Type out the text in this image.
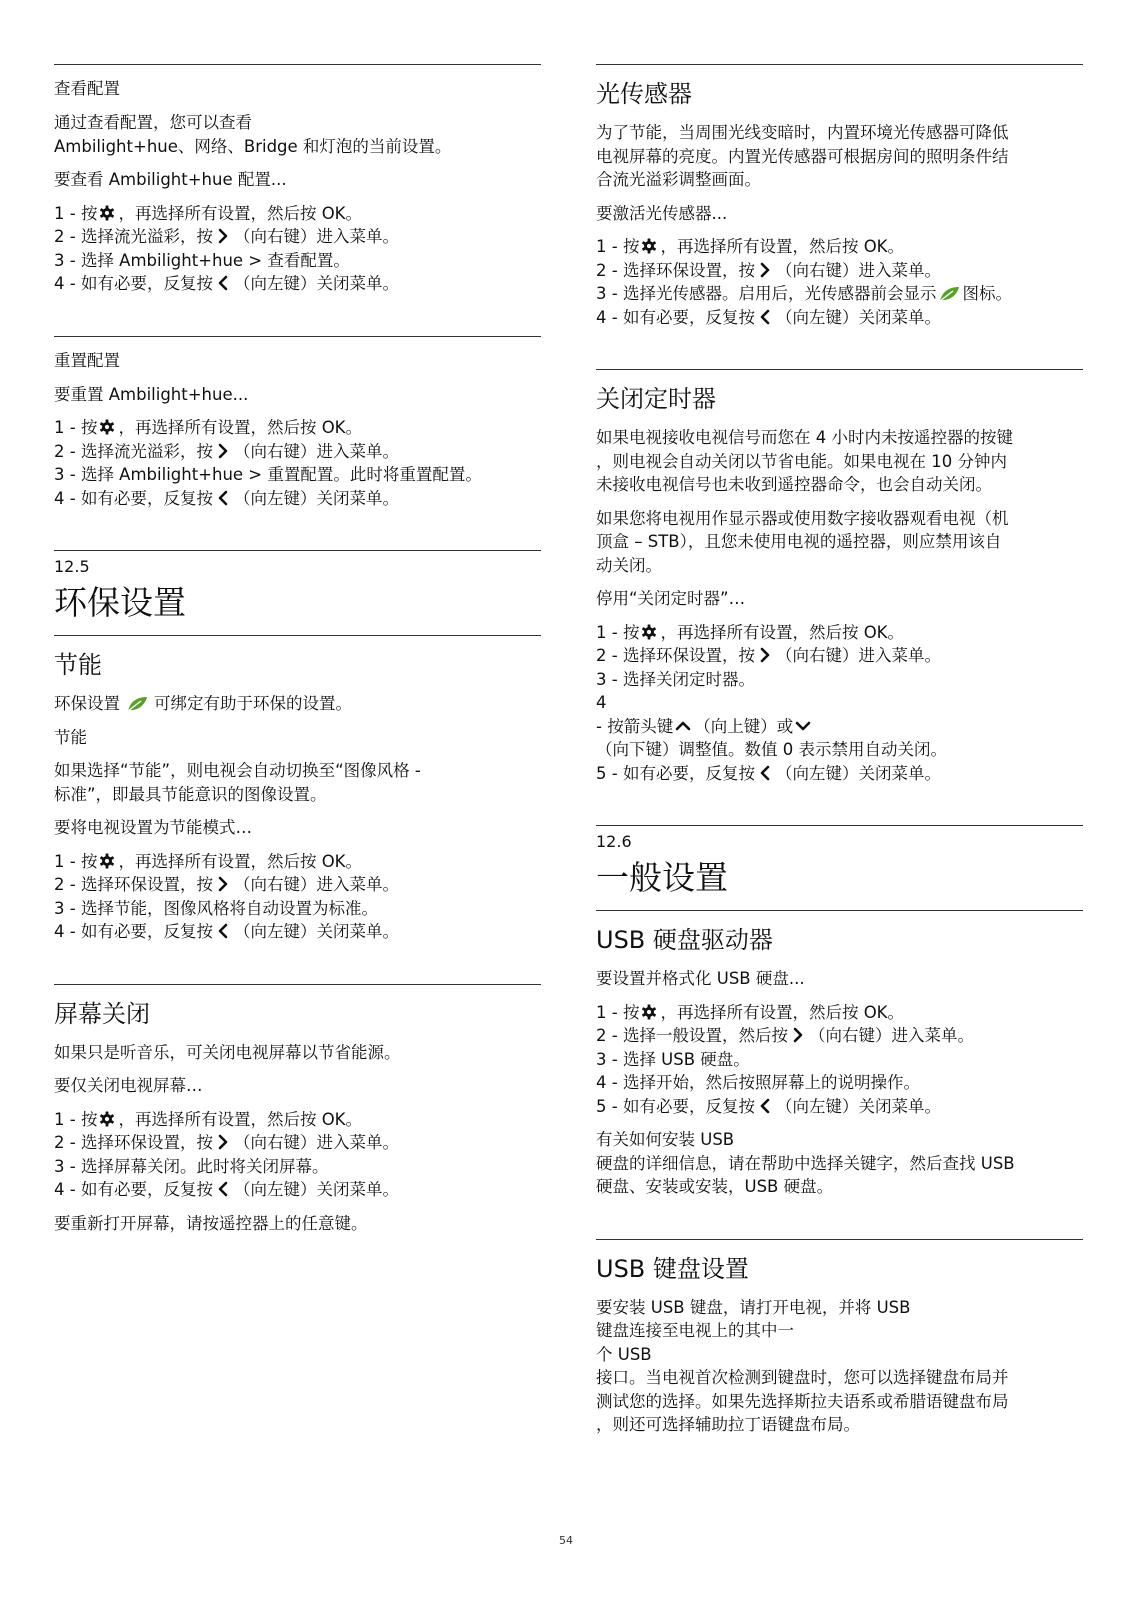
查看配置

通过查看配置，您可以查看

Ambilight+hue、网络、Bridge 和灯泡的当前设置。

要查看 Ambilight+hue 配置...

1 - 按 ，再选择所有设置，然后按 OK。

2 - 选择流光溢彩，按 （向右键）进入菜单。

3 - 选择 Ambilight+hue > 查看配置。

4 - 如有必要，反复按 （向左键）关闭菜单。

重置配置

要重置 Ambilight+hue...

1 - 按 ，再选择所有设置，然后按 OK。

2 - 选择流光溢彩，按 （向右键）进入菜单。

3 - 选择 Ambilight+hue > 重置配置。此时将重置配置。

4 - 如有必要，反复按 （向左键）关闭菜单。

12.5
环保设置
节能

环保设置 可绑定有助于环保的设置。

节能

如果选择“节能”，则电视会自动切换至“图像风格 -

标准”，即最具节能意识的图像设置。

要将电视设置为节能模式…

1 - 按 ，再选择所有设置，然后按 OK。

2 - 选择环保设置，按 （向右键）进入菜单。

3 - 选择节能，图像风格将自动设置为标准。

4 - 如有必要，反复按 （向左键）关闭菜单。

屏幕关闭

如果只是听音乐，可关闭电视屏幕以节省能源。

要仅关闭电视屏幕…

1 - 按 ，再选择所有设置，然后按 OK。

2 - 选择环保设置，按 （向右键）进入菜单。

3 - 选择屏幕关闭。此时将关闭屏幕。

4 - 如有必要，反复按 （向左键）关闭菜单。

要重新打开屏幕，请按遥控器上的任意键。

光传感器

为了节能，当周围光线变暗时，内置环境光传感器可降低

电视屏幕的亮度。内置光传感器可根据房间的照明条件结

合流光溢彩调整画面。

要激活光传感器...

1 - 按 ，再选择所有设置，然后按 OK。

2 - 选择环保设置，按 （向右键）进入菜单。

3 - 选择光传感器。启用后，光传感器前会显示 图标。

4 - 如有必要，反复按 （向左键）关闭菜单。

关闭定时器

如果电视接收电视信号而您在 4 小时内未按遥控器的按键

，则电视会自动关闭以节省电能。如果电视在 10 分钟内

未接收电视信号也未收到遥控器命令，也会自动关闭。

如果您将电视用作显示器或使用数字接收器观看电视（机

顶盒 – STB），且您未使用电视的遥控器，则应禁用该自

动关闭。

停用“关闭定时器”…

1 - 按 ，再选择所有设置，然后按 OK。

2 - 选择环保设置，按 （向右键）进入菜单。

3 - 选择关闭定时器。

4

- 按箭头键 （向上键）或

（向下键）调整值。数值 0 表示禁用自动关闭。

5 - 如有必要，反复按 （向左键）关闭菜单。

12.6
一般设置
USB 硬盘驱动器

要设置并格式化 USB 硬盘...

1 - 按 ，再选择所有设置，然后按 OK。

2 - 选择一般设置，然后按 （向右键）进入菜单。

3 - 选择 USB 硬盘。

4 - 选择开始，然后按照屏幕上的说明操作。

5 - 如有必要，反复按 （向左键）关闭菜单。

有关如何安装 USB

硬盘的详细信息，请在帮助中选择关键字，然后查找 USB

硬盘、安装或安装，USB 硬盘。

USB 键盘设置

要安装 USB 键盘，请打开电视，并将 USB

键盘连接至电视上的其中一

个 USB

接口。当电视首次检测到键盘时，您可以选择键盘布局并

测试您的选择。如果先选择斯拉夫语系或希腊语键盘布局

，则还可选择辅助拉丁语键盘布局。

54
